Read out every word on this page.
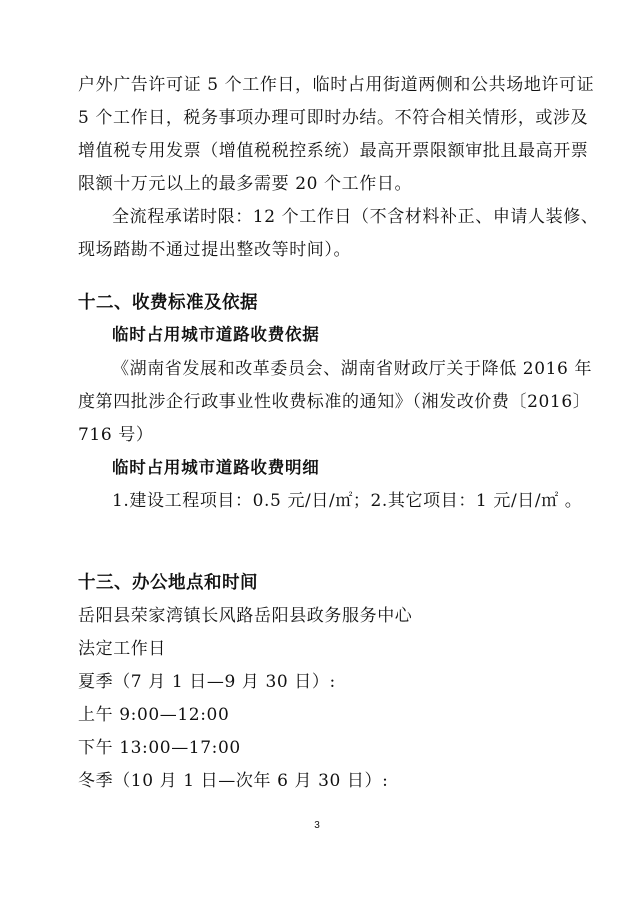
户外广告许可证 5 个工作日，临时占用街道两侧和公共场地许可证
5 个工作日，税务事项办理可即时办结。不符合相关情形，或涉及
增值税专用发票（增值税税控系统）最高开票限额审批且最高开票
限额十万元以上的最多需要 20 个工作日。
全流程承诺时限：12 个工作日（不含材料补正、申请人装修、
现场踏勘不通过提出整改等时间）。
十二、收费标准及依据
临时占用城市道路收费依据
《湖南省发展和改革委员会、湖南省财政厅关于降低 2016 年
度第四批涉企行政事业性收费标准的通知》（湘发改价费〔2016〕
716 号）
临时占用城市道路收费明细
1.建设工程项目：0.5 元/日/㎡；2.其它项目：1 元/日/㎡ 。
十三、办公地点和时间
岳阳县荣家湾镇长风路岳阳县政务服务中心
法定工作日
夏季（7 月 1 日—9 月 30 日）:
上午 9:00—12:00
下午 13:00—17:00
冬季（10 月 1 日—次年 6 月 30 日）:
3
